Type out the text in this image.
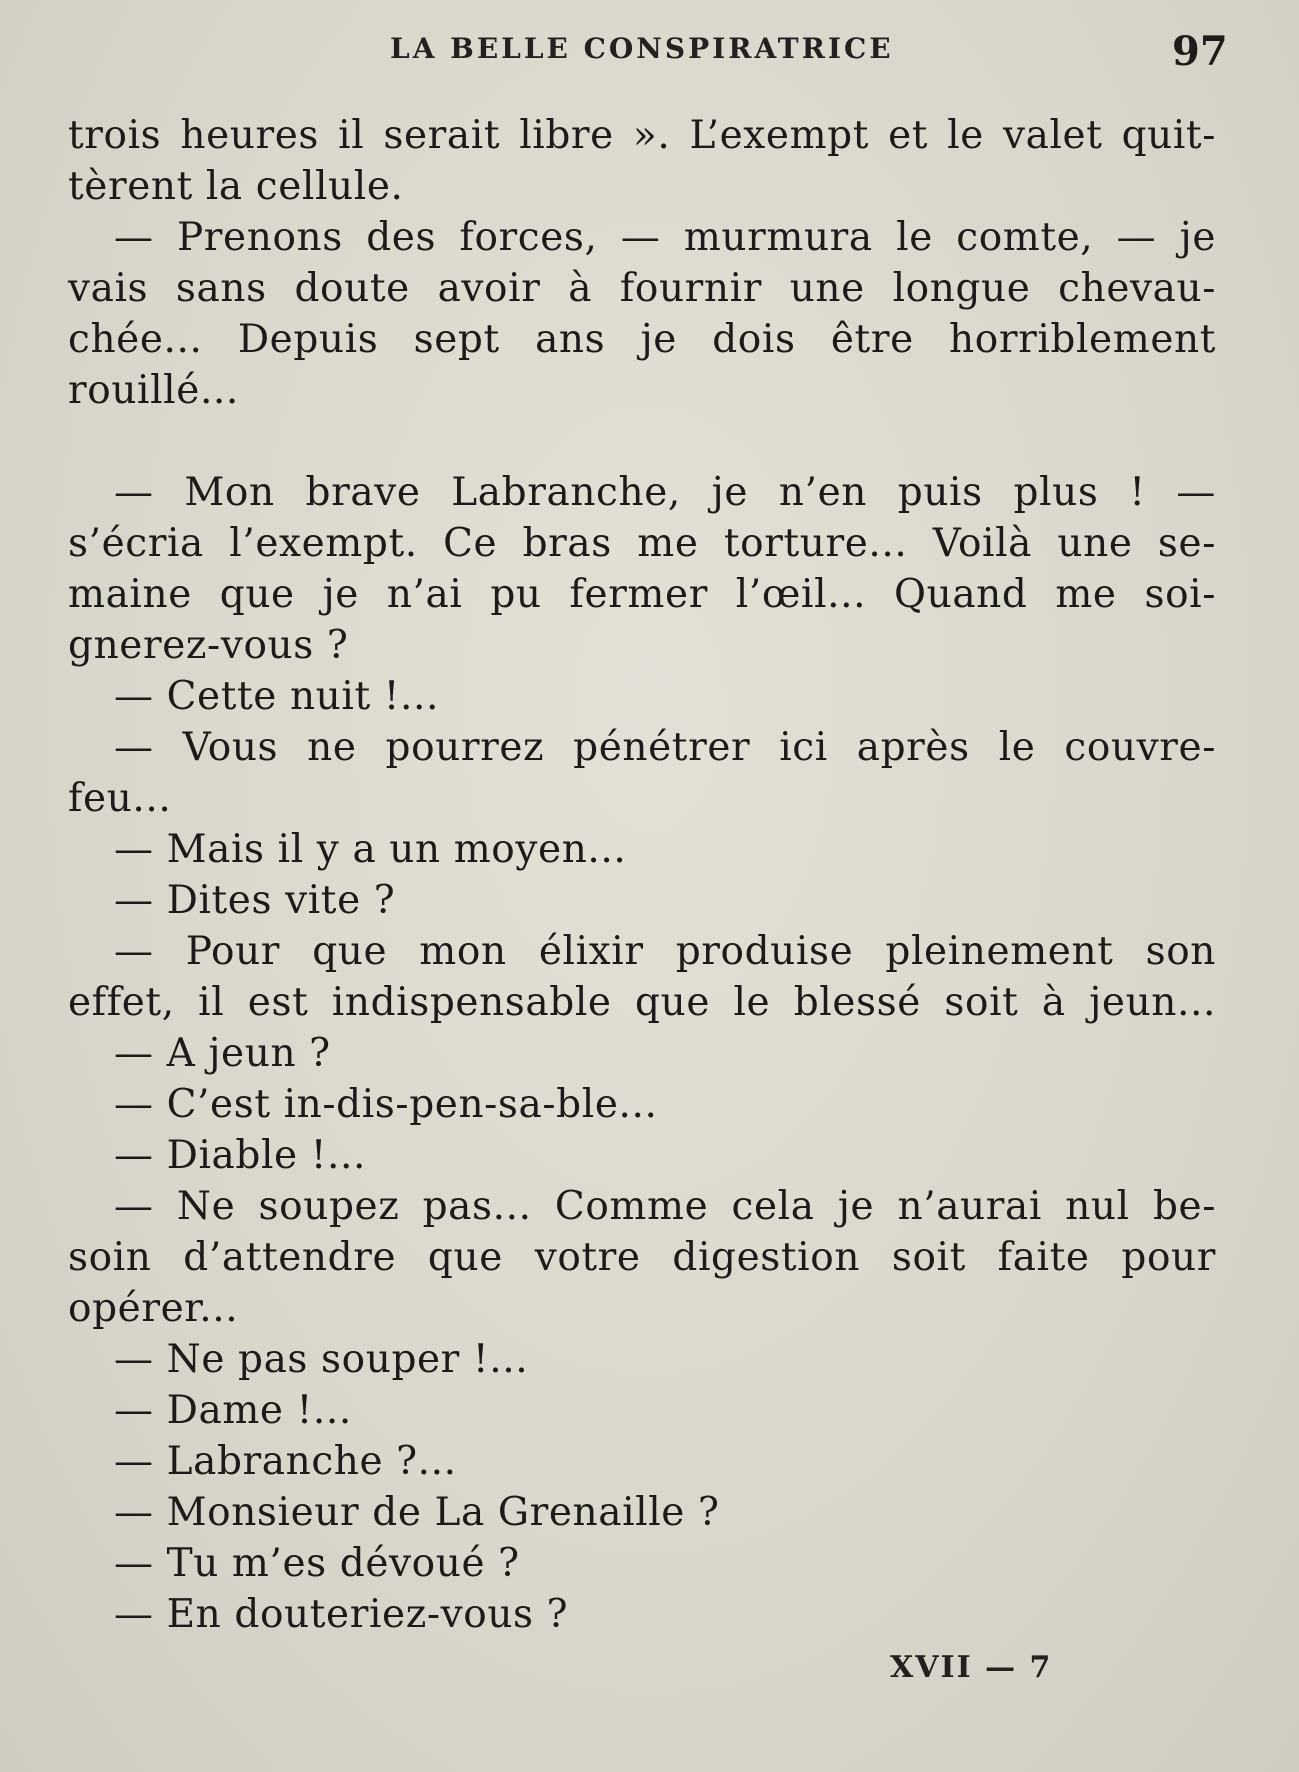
LA BELLE CONSPIRATRICE	97
trois heures il serait libre ». L’exempt et le valet quit-
tèrent la cellule.
— Prenons des forces, — murmura le comte, — je
vais sans doute avoir à fournir une longue chevau-
chée... Depuis sept ans je dois être horriblement
rouillé...
— Mon brave Labranche, je n’en puis plus ! —
s’écria l’exempt. Ce bras me torture... Voilà une se-
maine que je n’ai pu fermer l’œil... Quand me soi-
gnerez-vous ?
— Cette nuit !...
— Vous ne pourrez pénétrer ici après le couvre-
feu...
— Mais il y a un moyen...
— Dites vite ?
— Pour que mon élixir produise pleinement son
effet, il est indispensable que le blessé soit à jeun...
— A jeun ?
— C’est in-dis-pen-sa-ble...
— Diable !...
— Ne soupez pas... Comme cela je n’aurai nul be-
soin d’attendre que votre digestion soit faite pour
opérer...
— Ne pas souper !...
— Dame !...
— Labranche ?...
— Monsieur de La Grenaille ?
— Tu m’es dévoué ?
— En douteriez-vous ?
XVII — 7
